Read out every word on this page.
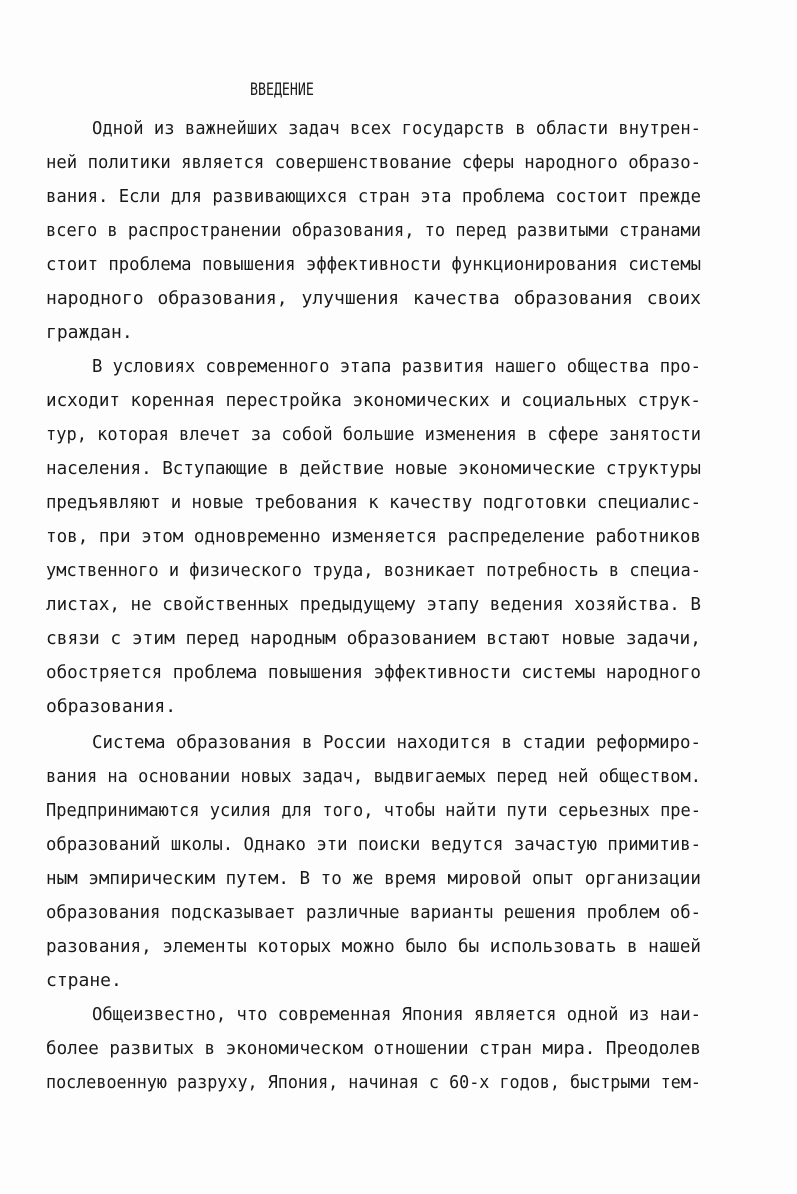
ВВЕДЕНИЕ
Одной из важнейших задач всех государств в области внутрен-
ней политики является совершенствование сферы народного образо-
вания. Если для развивающихся стран эта проблема состоит прежде
всего в распространении образования, то перед развитыми странами
стоит проблема повышения эффективности функционирования системы
народного образования, улучшения качества образования своих
граждан.
В условиях современного этапа развития нашего общества про-
исходит коренная перестройка экономических и социальных струк-
тур, которая влечет за собой большие изменения в сфере занятости
населения. Вступающие в действие новые экономические структуры
предъявляют и новые требования к качеству подготовки специалис-
тов, при этом одновременно изменяется распределение работников
умственного и физического труда, возникает потребность в специа-
листах, не свойственных предыдущему этапу ведения хозяйства. В
связи с этим перед народным образованием встают новые задачи,
обостряется проблема повышения эффективности системы народного
образования.
Система образования в России находится в стадии реформиро-
вания на основании новых задач, выдвигаемых перед ней обществом.
Предпринимаются усилия для того, чтобы найти пути серьезных пре-
образований школы. Однако эти поиски ведутся зачастую примитив-
ным эмпирическим путем. В то же время мировой опыт организации
образования подсказывает различные варианты решения проблем об-
разования, элементы которых можно было бы использовать в нашей
стране.
Общеизвестно, что современная Япония является одной из наи-
более развитых в экономическом отношении стран мира. Преодолев
послевоенную разруху, Япония, начиная с 60-х годов, быстрыми тем-
